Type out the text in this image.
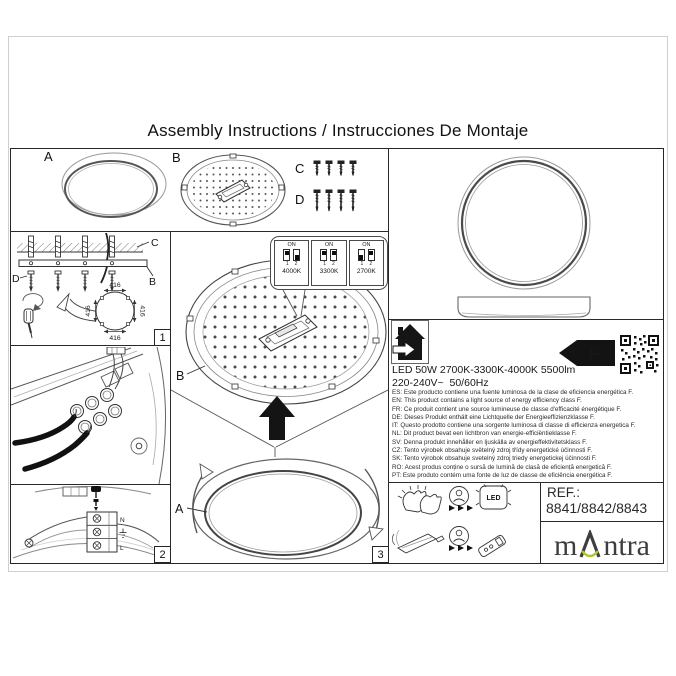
Assembly Instructions / Instrucciones De Montaje
A	B
C
D
C
B
D
416
416
416	416
N
L
B
A
ON
1 2
4000K
ON
1 2
3300K
ON
1 2
2700K
LED 50W 2700K-3300K-4000K 5500lm
220-240V~  50/60Hz
F
ES: Este producto contiene una fuente luminosa de la clase de eficiencia energética F.
EN: This product contains a light source of energy efficiency class F.
FR: Ce produit contient une source lumineuse de classe d'efficacité énergétique F.
DE: Dieses Produkt enthält eine Lichtquelle der Energieeffizienzklasse F.
IT: Questo prodotto contiene una sorgente luminosa di classe di efficienza energetica F.
NL: Dit product bevat een lichtbron van energie-efficiëntieklasse F.
SV: Denna produkt innehåller en ljuskälla av energieffektivitetsklass F.
CZ: Tento výrobek obsahuje světelný zdroj třídy energetické účinnosti F.
SK: Tento výrobok obsahuje svetelný zdroj triedy energetickej účinnosti F.
RO: Acest produs conține o sursă de lumină de clasă de eficiență energetică F.
PT: Este produto contém uma fonte de luz de classe de eficiência energética F.
LED	REF.:
8841/8842/8843
m ntra
1
2	3
